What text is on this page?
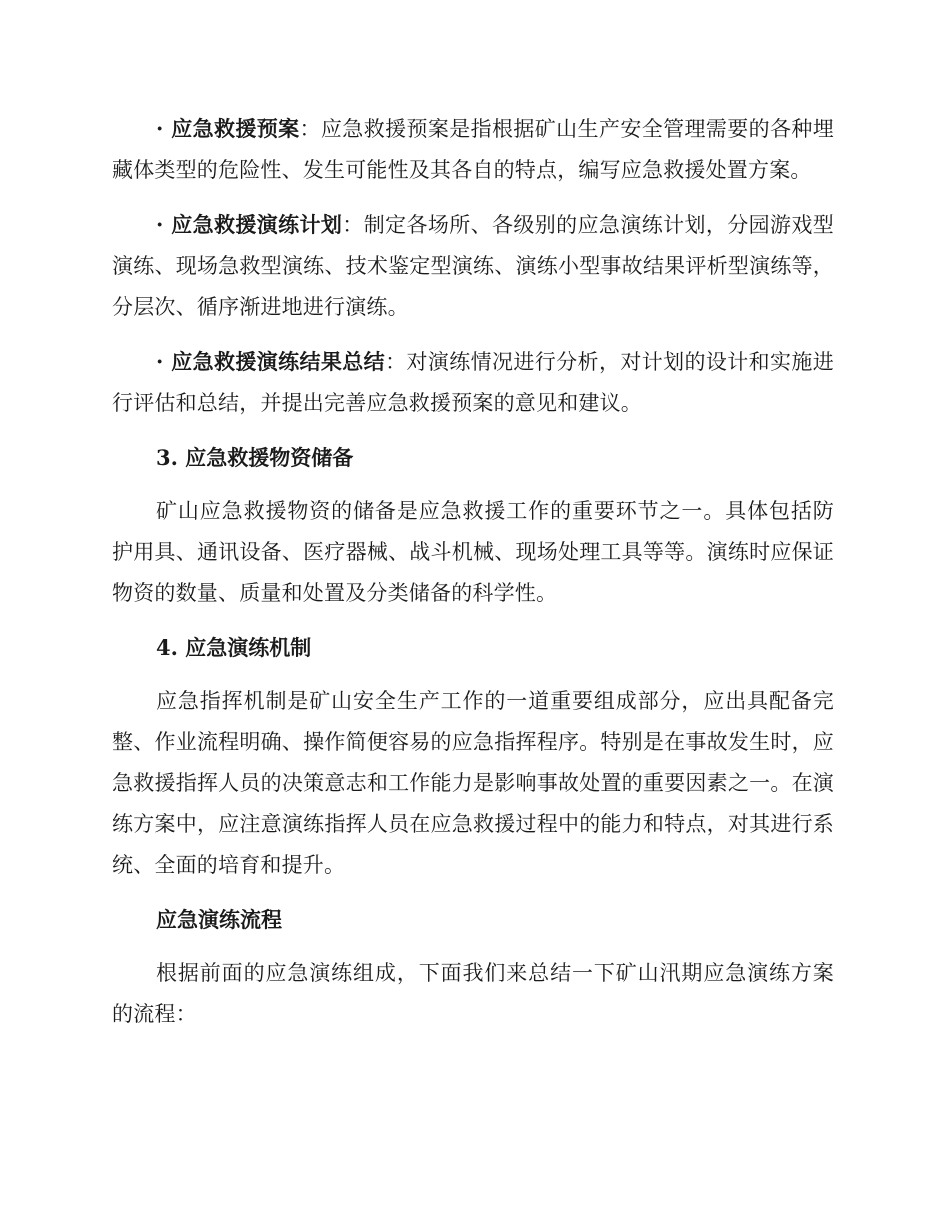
· 应急救援预案：应急救援预案是指根据矿山生产安全管理需要的各种埋藏体类型的危险性、发生可能性及其各自的特点，编写应急救援处置方案。

· 应急救援演练计划：制定各场所、各级别的应急演练计划，分园游戏型演练、现场急救型演练、技术鉴定型演练、演练小型事故结果评析型演练等，分层次、循序渐进地进行演练。

· 应急救援演练结果总结：对演练情况进行分析，对计划的设计和实施进行评估和总结，并提出完善应急救援预案的意见和建议。

3. 应急救援物资储备

矿山应急救援物资的储备是应急救援工作的重要环节之一。具体包括防护用具、通讯设备、医疗器械、战斗机械、现场处理工具等等。演练时应保证物资的数量、质量和处置及分类储备的科学性。

4. 应急演练机制

应急指挥机制是矿山安全生产工作的一道重要组成部分，应出具配备完整、作业流程明确、操作简便容易的应急指挥程序。特别是在事故发生时，应急救援指挥人员的决策意志和工作能力是影响事故处置的重要因素之一。在演练方案中，应注意演练指挥人员在应急救援过程中的能力和特点，对其进行系统、全面的培育和提升。

应急演练流程

根据前面的应急演练组成，下面我们来总结一下矿山汛期应急演练方案的流程：
